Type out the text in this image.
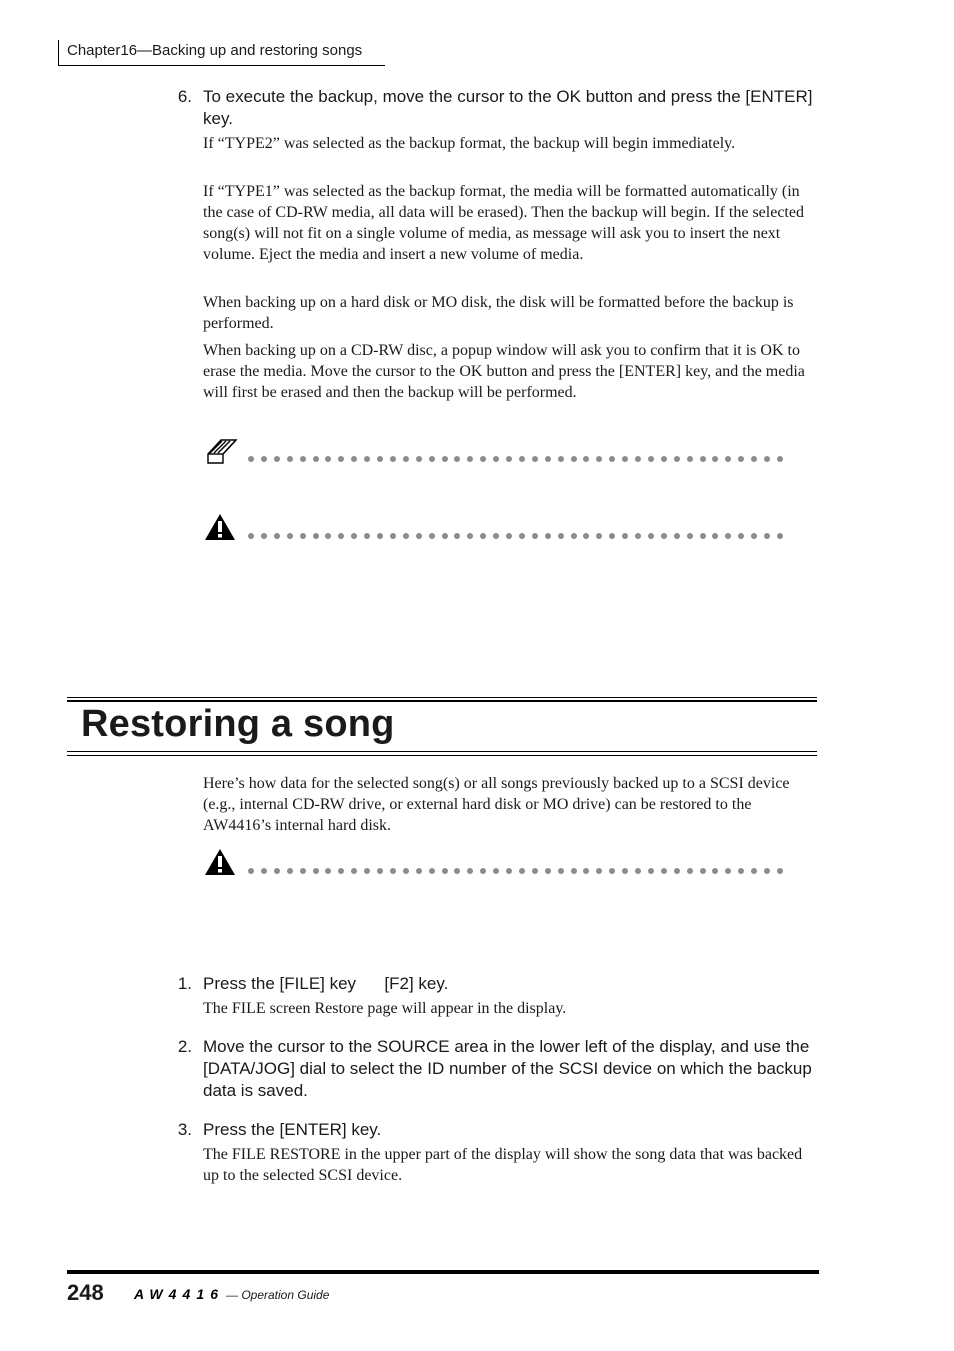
Chapter16—Backing up and restoring songs
6. To execute the backup, move the cursor to the OK button and press the [ENTER] key.

If “TYPE2” was selected as the backup format, the backup will begin immediately.

If “TYPE1” was selected as the backup format, the media will be formatted automatically (in the case of CD-RW media, all data will be erased). Then the backup will begin. If the selected song(s) will not fit on a single volume of media, as message will ask you to insert the next volume. Eject the media and insert a new volume of media.

When backing up on a hard disk or MO disk, the disk will be formatted before the backup is performed.

When backing up on a CD-RW disc, a popup window will ask you to confirm that it is OK to erase the media. Move the cursor to the OK button and press the [ENTER] key, and the media will first be erased and then the backup will be performed.

Restoring a song

Here’s how data for the selected song(s) or all songs previously backed up to a SCSI device (e.g., internal CD-RW drive, or external hard disk or MO drive) can be restored to the AW4416’s internal hard disk.

1. Press the [FILE] key      [F2] key.

The FILE screen Restore page will appear in the display.

2. Move the cursor to the SOURCE area in the lower left of the display, and use the [DATA/JOG] dial to select the ID number of the SCSI device on which the backup data is saved.
3. Press the [ENTER] key.

The FILE RESTORE in the upper part of the display will show the song data that was backed up to the selected SCSI device.

248 AW4416 — Operation Guide
